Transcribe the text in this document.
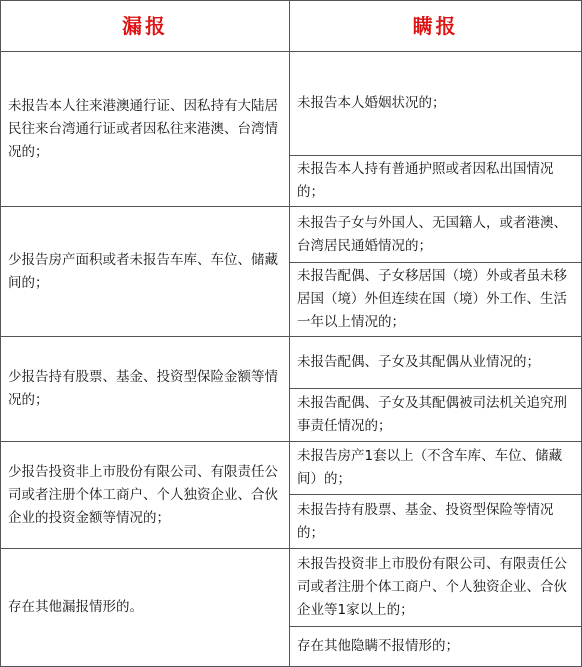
漏报	瞒报
未报告本人往来港澳通行证、因私持有大陆居民往来台湾通行证或者因私往来港澳、台湾情况的；	未报告本人婚姻状况的；
	未报告本人持有普通护照或者因私出国情况的；
少报告房产面积或者未报告车库、车位、储藏间的；	未报告子女与外国人、无国籍人，或者港澳、台湾居民通婚情况的；
	未报告配偶、子女移居国（境）外或者虽未移居国（境）外但连续在国（境）外工作、生活一年以上情况的；
少报告持有股票、基金、投资型保险金额等情况的；	未报告配偶、子女及其配偶从业情况的；
	未报告配偶、子女及其配偶被司法机关追究刑事责任情况的；
少报告投资非上市股份有限公司、有限责任公司或者注册个体工商户、个人独资企业、合伙企业的投资金额等情况的；	未报告房产1套以上（不含车库、车位、储藏间）的；
	未报告持有股票、基金、投资型保险等情况的；
存在其他漏报情形的。	未报告投资非上市股份有限公司、有限责任公司或者注册个体工商户、个人独资企业、合伙企业等1家以上的；
	存在其他隐瞒不报情形的；
